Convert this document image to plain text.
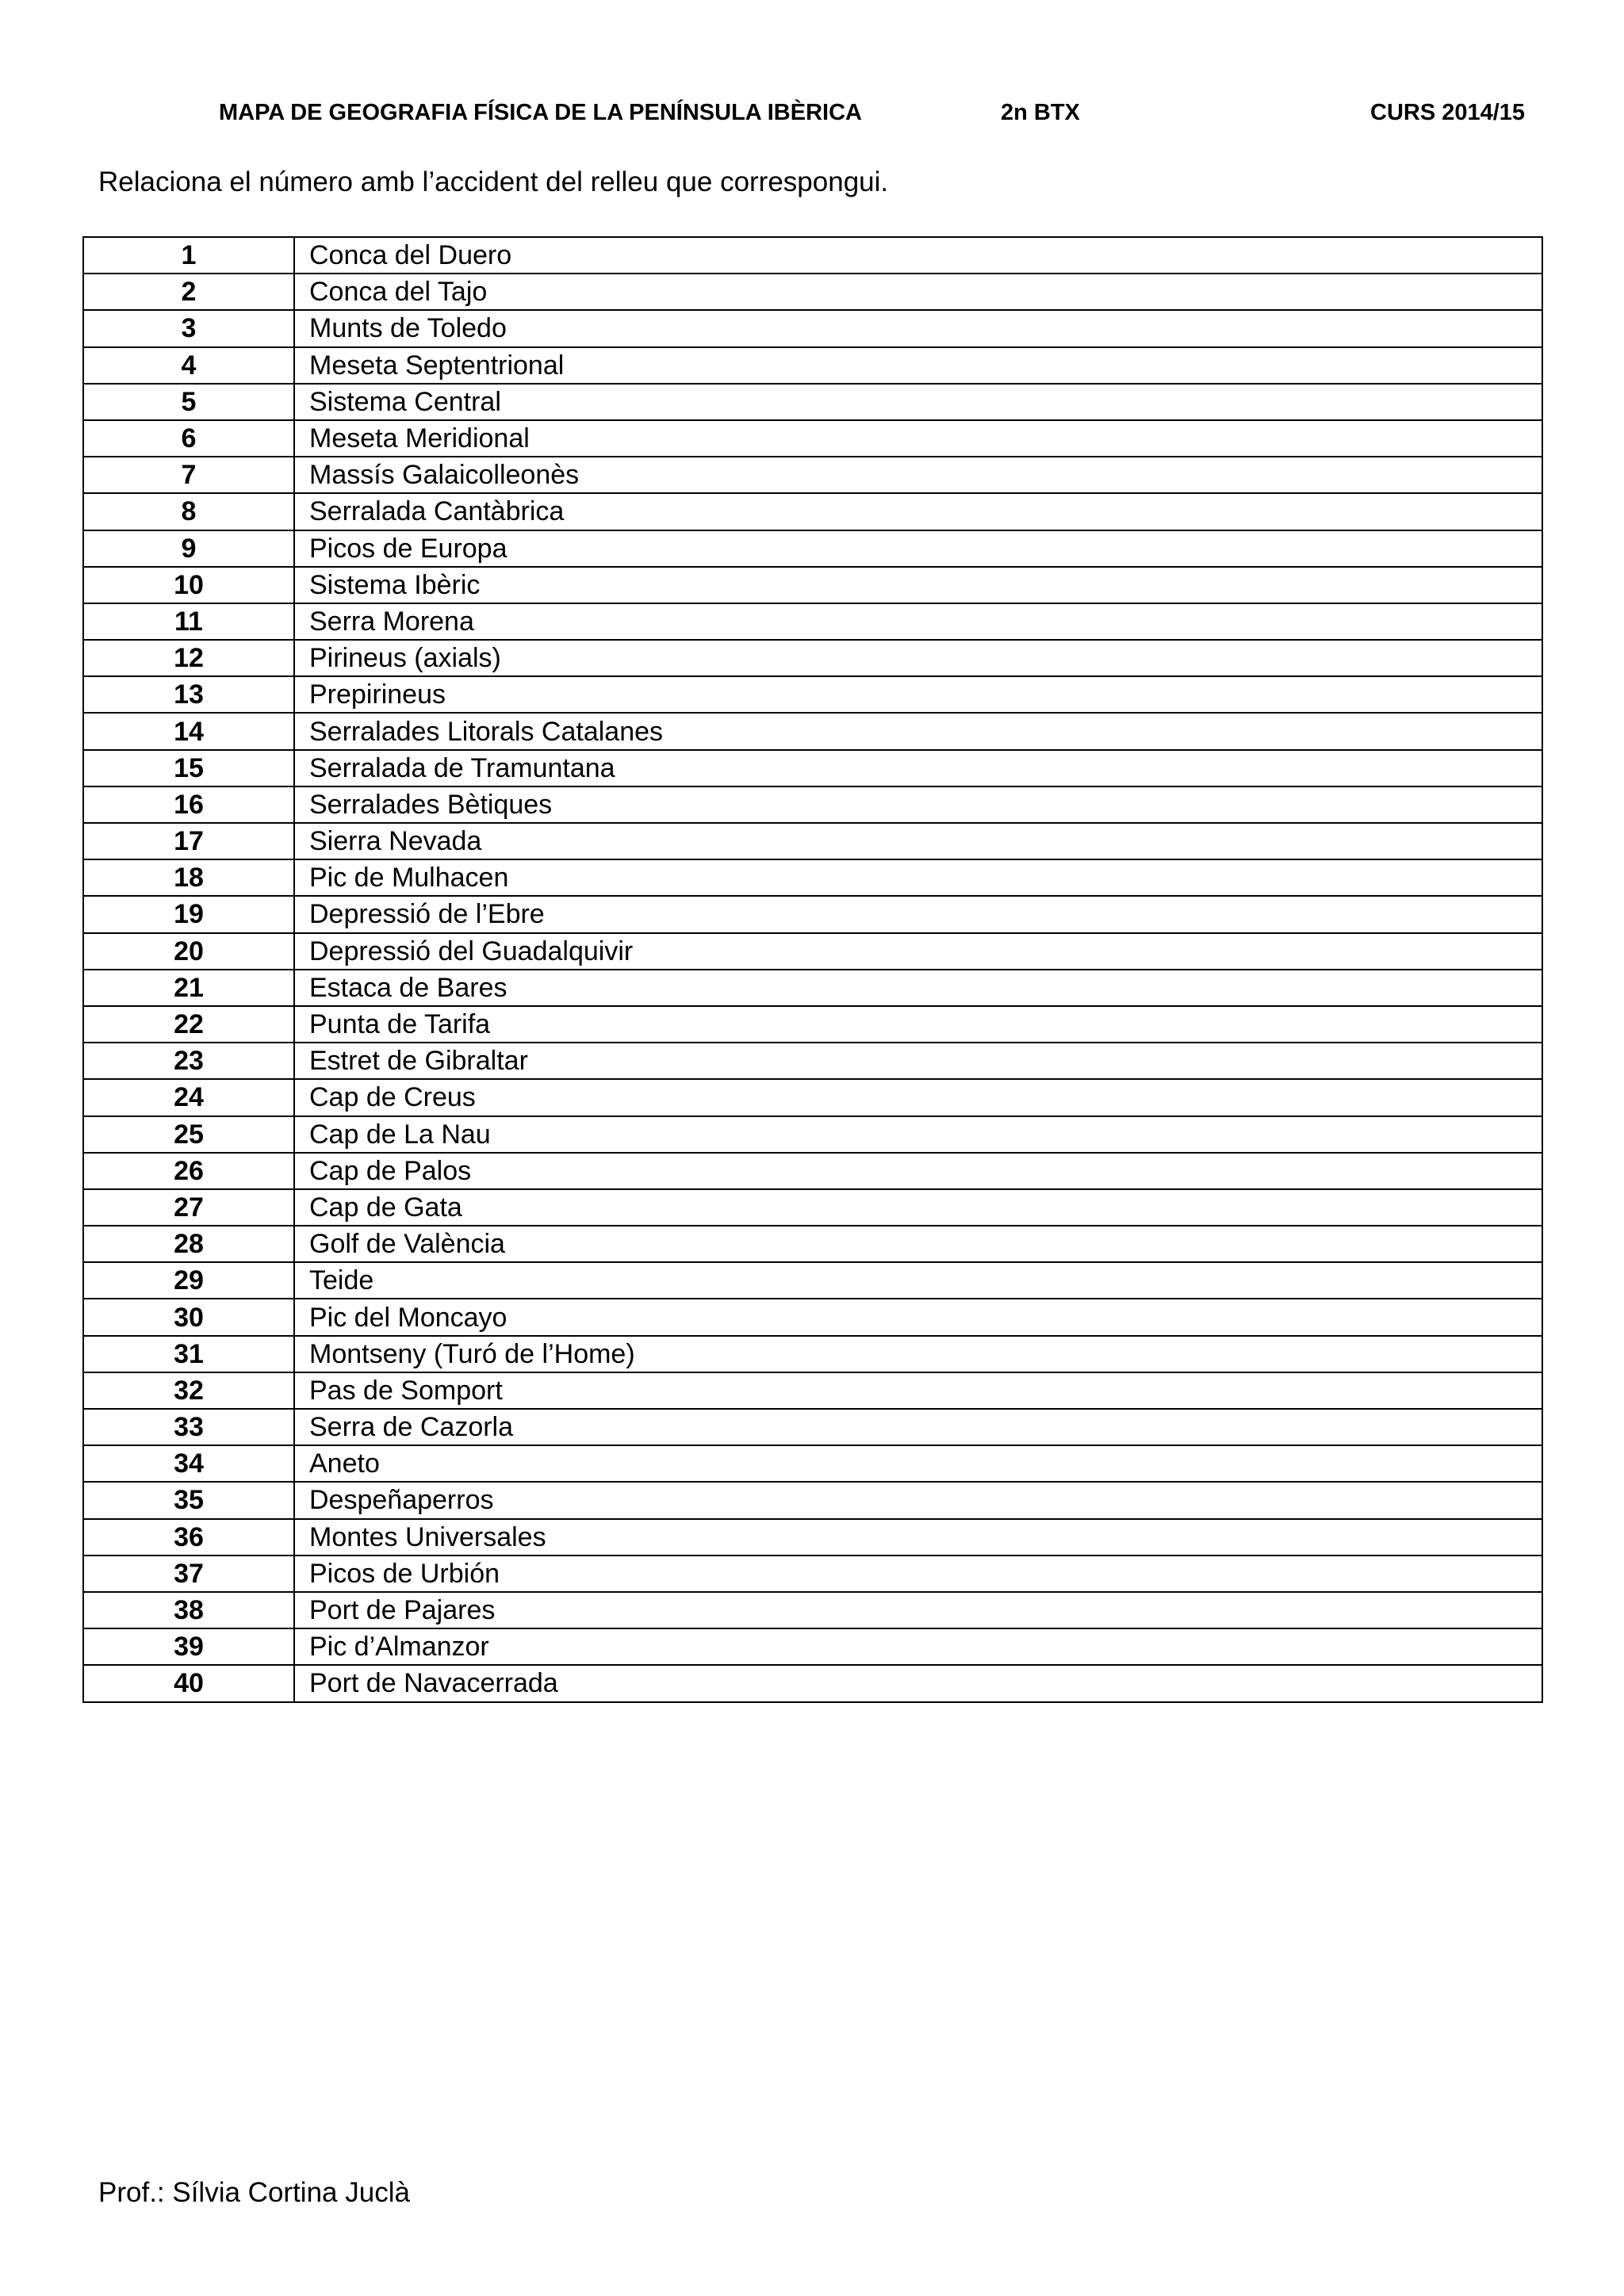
MAPA DE GEOGRAFIA FÍSICA DE LA PENÍNSULA IBÈRICA	2n BTX	CURS 2014/15
Relaciona el número amb l’accident del relleu que correspongui.
1	Conca del Duero
2	Conca del Tajo
3	Munts de Toledo
4	Meseta Septentrional
5	Sistema Central
6	Meseta Meridional
7	Massís Galaicolleonès
8	Serralada Cantàbrica
9	Picos de Europa
10	Sistema Ibèric
11	Serra Morena
12	Pirineus (axials)
13	Prepirineus
14	Serralades Litorals Catalanes
15	Serralada de Tramuntana
16	Serralades Bètiques
17	Sierra Nevada
18	Pic de Mulhacen
19	Depressió de l’Ebre
20	Depressió del Guadalquivir
21	Estaca de Bares
22	Punta de Tarifa
23	Estret de Gibraltar
24	Cap de Creus
25	Cap de La Nau
26	Cap de Palos
27	Cap de Gata
28	Golf de València
29	Teide
30	Pic del Moncayo
31	Montseny (Turó de l’Home)
32	Pas de Somport
33	Serra de Cazorla
34	Aneto
35	Despeñaperros
36	Montes Universales
37	Picos de Urbión
38	Port de Pajares
39	Pic d’Almanzor
40	Port de Navacerrada
Prof.: Sílvia Cortina Juclà
